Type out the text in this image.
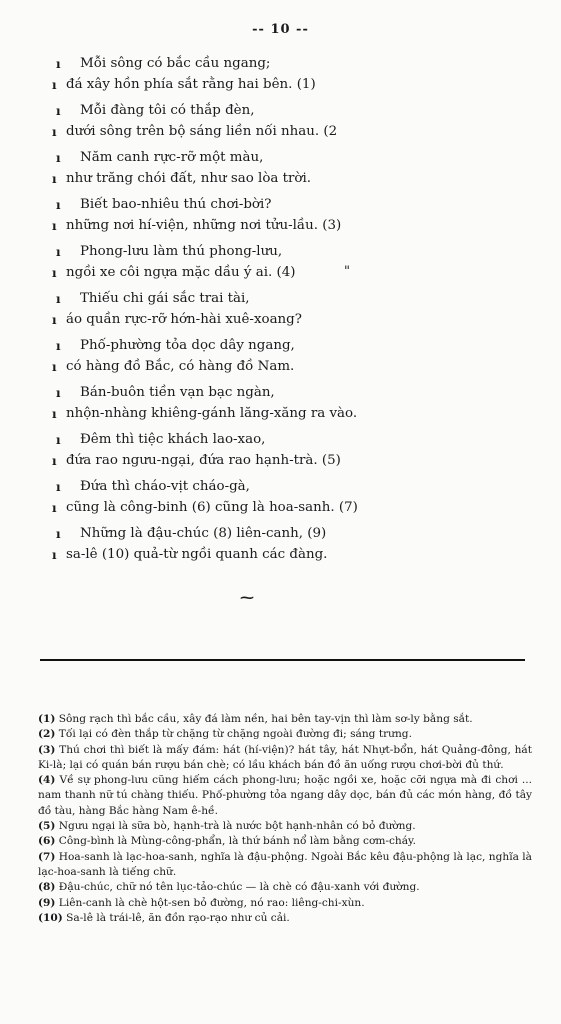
-- 10 --
ı Mỗi sông có bắc cầu ngang;
ı đá xây hồn phía sắt rằng hai bên. (1)
ı Mỗi đàng tôi có thắp đèn,
ı dưới sông trên bộ sáng liền nối nhau. (2
ı Năm canh rực-rỡ một màu,
ı như trăng chói đất, như sao lòa trời.
ı Biết bao-nhiêu thú chơi-bời?
ı những nơi hí-viện, những nơi tửu-lầu. (3)
ı Phong-lưu làm thú phong-lưu,
ı ngồi xe côi ngựa mặc dầu ý ai. (4)
ı Thiếu chi gái sắc trai tài,
ı áo quần rực-rỡ hớn-hài xuê-xoang?
ı Phố-phường tỏa dọc dây ngang,
ı có hàng đồ Bắc, có hàng đồ Nam.
ı Bán-buôn tiền vạn bạc ngàn,
ı nhộn-nhàng khiêng-gánh lăng-xăng ra vào.
ı Đêm thì tiệc khách lao-xao,
ı đứa rao ngưu-ngại, đứa rao hạnh-trà. (5)
ı Đứa thì cháo-vịt cháo-gà,
ı cũng là công-binh (6) cũng là hoa-sanh. (7)
ı Những là đậu-chúc (8) liên-canh, (9)
ı sa-lê (10) quả-từ ngồi quanh các đàng.
"
⁓

(1) Sông rạch thì bắc cầu, xây đá làm nền, hai bên tay-vịn thì làm sơ-ly bằng sắt.

(2) Tối lại có đèn thắp từ chặng từ chặng ngoài đường đi; sáng trưng.

(3) Thú chơi thì biết là mấy đám: hát (hí-viện)? hát tây, hát Nhựt-bổn, hát Quảng-đông, hát Ki-là; lại có quán bán rượu bán chè; có lầu khách bán đồ ăn uống rượu chơi-bời đủ thứ.

(4) Về sự phong-lưu cũng hiếm cách phong-lưu; hoặc ngồi xe, hoặc cỡi ngựa mà đi chơi ... nam thanh nữ tú chàng thiếu. Phố-phường tỏa ngang dây dọc, bán đủ các món hàng, đồ tây đồ tàu, hàng Bắc hàng Nam ê-hề.

(5) Ngưu ngại là sữa bò, hạnh-trà là nước bột hạnh-nhân có bỏ đường.

(6) Công-bình là Mùng-công-phẩn, là thứ bánh nổ làm bằng cơm-cháy.

(7) Hoa-sanh là lạc-hoa-sanh, nghĩa là đậu-phộng. Ngoài Bắc kêu đậu-phộng là lạc, nghĩa là lạc-hoa-sanh là tiếng chữ.

(8) Đậu-chúc, chữ nó tên lục-tảo-chúc — là chè có đậu-xanh với đường.

(9) Liên-canh là chè hột-sen bỏ đường, nó rao: liêng-chi-xùn.

(10) Sa-lê là trái-lê, ăn đồn rạo-rạo như củ cải.
